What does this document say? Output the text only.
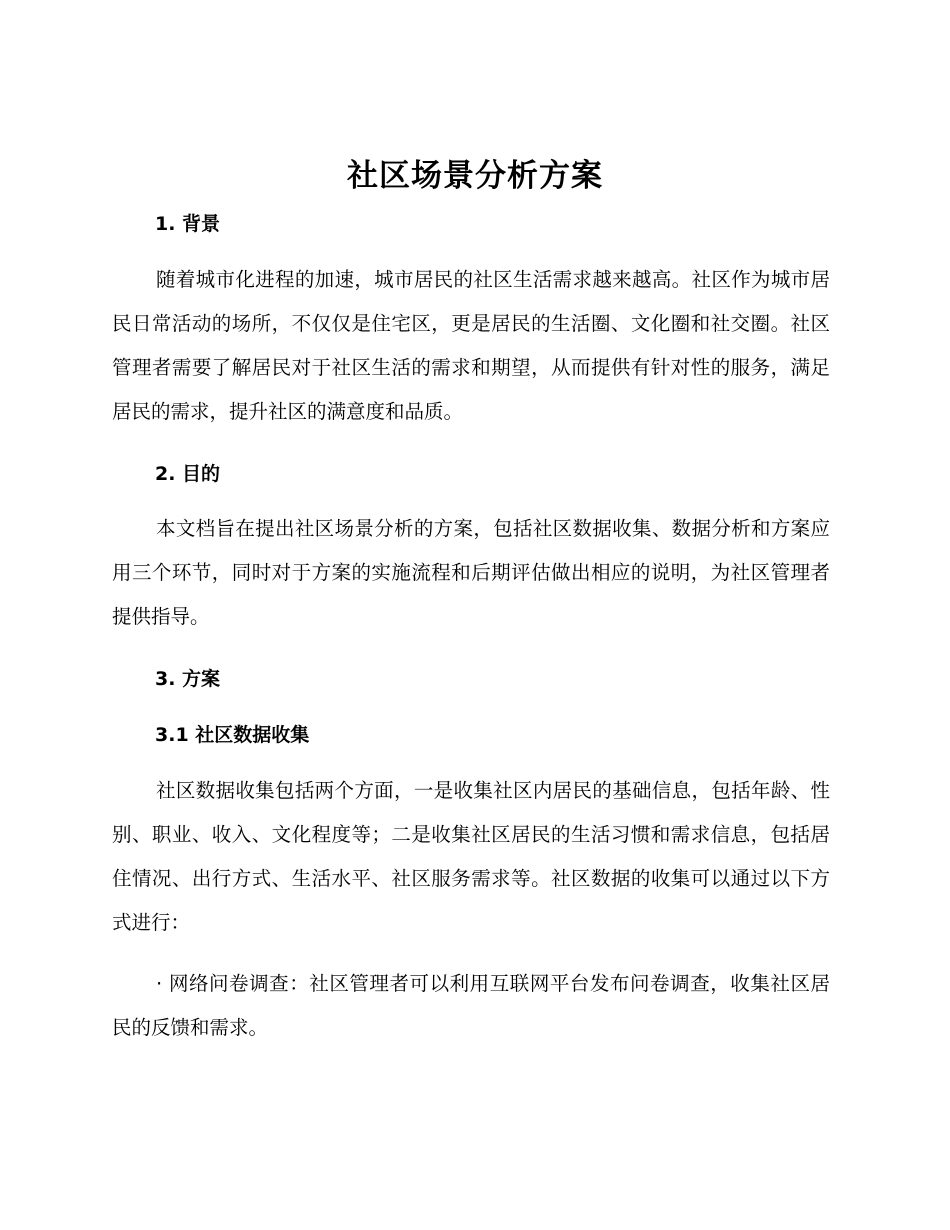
社区场景分析方案
1. 背景

随着城市化进程的加速，城市居民的社区生活需求越来越高。社区作为城市居民日常活动的场所，不仅仅是住宅区，更是居民的生活圈、文化圈和社交圈。社区管理者需要了解居民对于社区生活的需求和期望，从而提供有针对性的服务，满足居民的需求，提升社区的满意度和品质。

2. 目的

本文档旨在提出社区场景分析的方案，包括社区数据收集、数据分析和方案应用三个环节，同时对于方案的实施流程和后期评估做出相应的说明，为社区管理者提供指导。

3. 方案
3.1 社区数据收集

社区数据收集包括两个方面，一是收集社区内居民的基础信息，包括年龄、性别、职业、收入、文化程度等；二是收集社区居民的生活习惯和需求信息，包括居住情况、出行方式、生活水平、社区服务需求等。社区数据的收集可以通过以下方式进行：

· 网络问卷调查：社区管理者可以利用互联网平台发布问卷调查，收集社区居民的反馈和需求。
